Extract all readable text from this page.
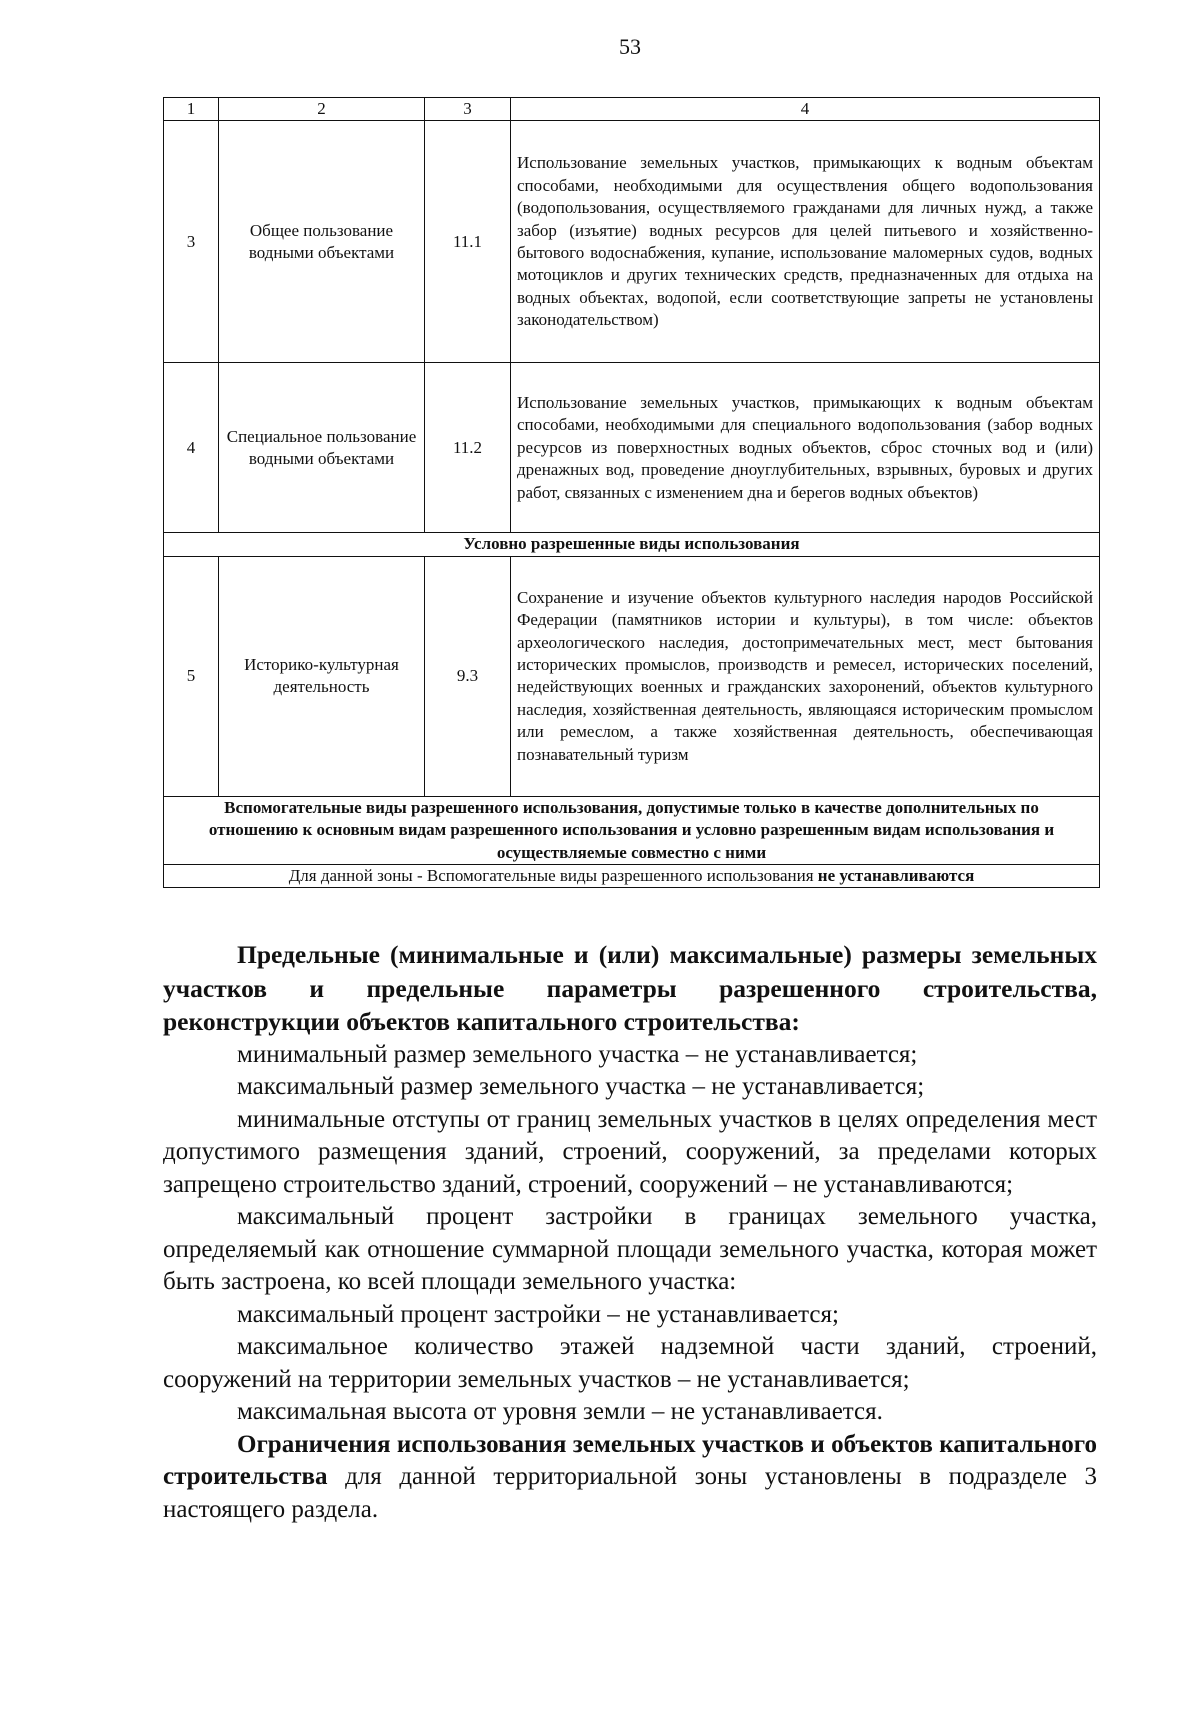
53
1	2	3	4
3	Общее пользование водными объектами	11.1	Использование земельных участков, примыкающих к водным объектам способами, необходимыми для осуществления общего водопользования (водопользования, осуществляемого гражданами для личных нужд, а также забор (изъятие) водных ресурсов для целей питьевого и хозяйственно-бытового водоснабжения, купание, использование маломерных судов, водных мотоциклов и других технических средств, предназначенных для отдыха на водных объектах, водопой, если соответствующие запреты не установлены законодательством)
4	Специальное пользование водными объектами	11.2	Использование земельных участков, примыкающих к водным объектам способами, необходимыми для специального водопользования (забор водных ресурсов из поверхностных водных объектов, сброс сточных вод и (или) дренажных вод, проведение дноуглубительных, взрывных, буровых и других работ, связанных с изменением дна и берегов водных объектов)
Условно разрешенные виды использования			
5	Историко-культурная деятельность	9.3	Сохранение и изучение объектов культурного наследия народов Российской Федерации (памятников истории и культуры), в том числе: объектов археологического наследия, достопримечательных мест, мест бытования исторических промыслов, производств и ремесел, исторических поселений, недействующих военных и гражданских захоронений, объектов культурного наследия, хозяйственная деятельность, являющаяся историческим промыслом или ремеслом, а также хозяйственная деятельность, обеспечивающая познавательный туризм
Вспомогательные виды разрешенного использования, допустимые только в качестве дополнительных по отношению к основным видам разрешенного использования и условно разрешенным видам использования и осуществляемые совместно с ними			
Для данной зоны - Вспомогательные виды разрешенного использования не устанавливаются			

Предельные (минимальные и (или) максимальные) размеры земельных участков и предельные параметры разрешенного строительства, реконструкции объектов капитального строительства:

минимальный размер земельного участка – не устанавливается;

максимальный размер земельного участка – не устанавливается;

минимальные отступы от границ земельных участков в целях определения мест допустимого размещения зданий, строений, сооружений, за пределами которых запрещено строительство зданий, строений, сооружений – не устанавливаются;

максимальный процент застройки в границах земельного участка, определяемый как отношение суммарной площади земельного участка, которая может быть застроена, ко всей площади земельного участка:

максимальный процент застройки – не устанавливается;

максимальное количество этажей надземной части зданий, строений, сооружений на территории земельных участков – не устанавливается;

максимальная высота от уровня земли – не устанавливается.

Ограничения использования земельных участков и объектов капитального строительства для данной территориальной зоны установлены в подразделе 3 настоящего раздела.
